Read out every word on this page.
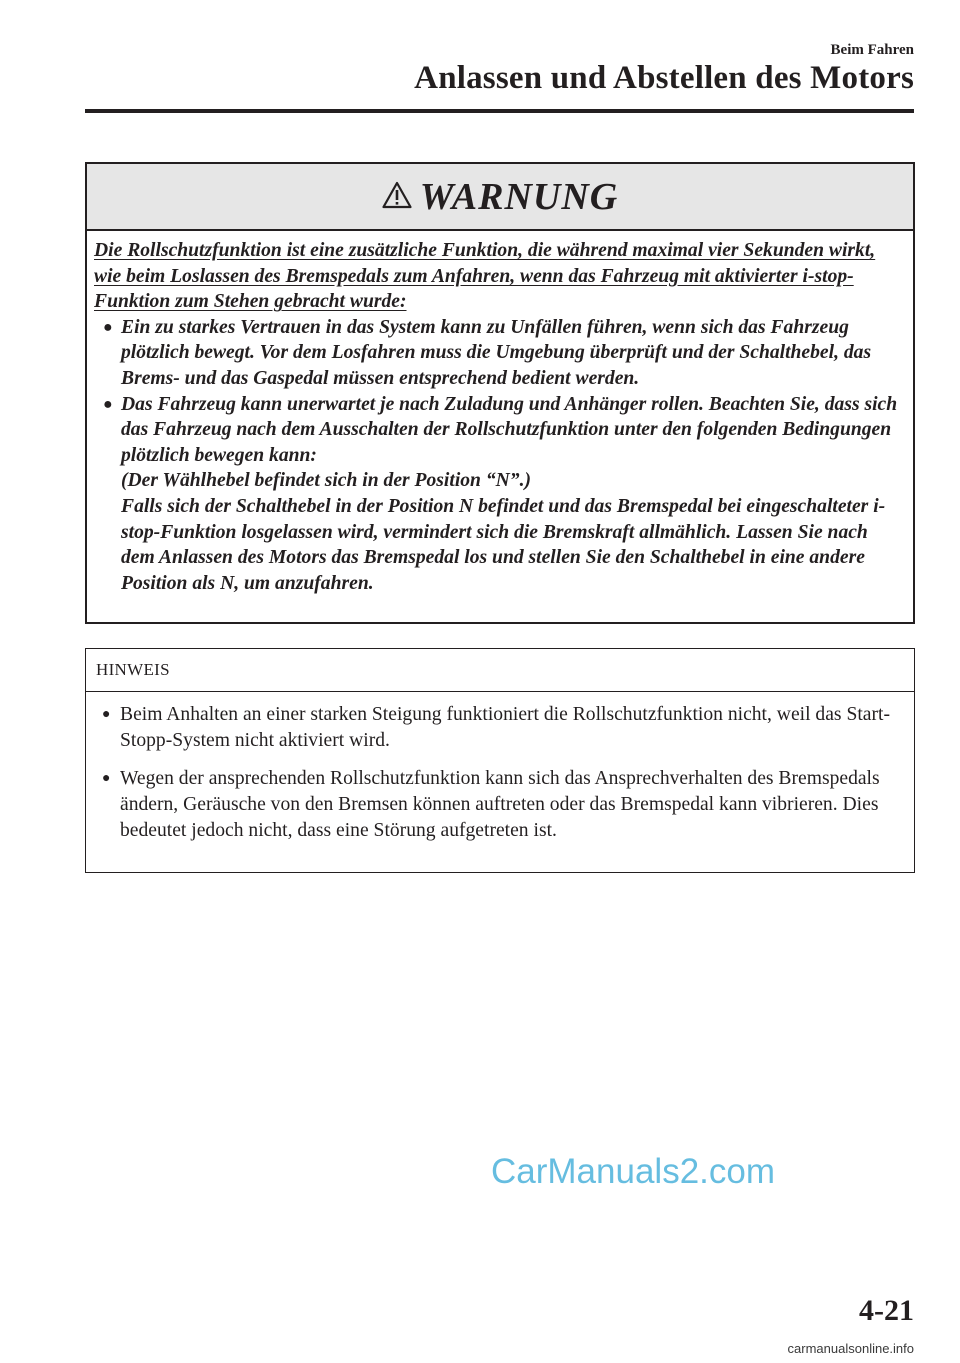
Beim Fahren
Anlassen und Abstellen des Motors
WARNUNG
Die Rollschutzfunktion ist eine zusätzliche Funktion, die während maximal vier Sekunden wirkt, wie beim Loslassen des Bremspedals zum Anfahren, wenn das Fahrzeug mit aktivierter i-stop-Funktion zum Stehen gebracht wurde:
● Ein zu starkes Vertrauen in das System kann zu Unfällen führen, wenn sich das Fahrzeug plötzlich bewegt. Vor dem Losfahren muss die Umgebung überprüft und der Schalthebel, das Brems- und das Gaspedal müssen entsprechend bedient werden.
● Das Fahrzeug kann unerwartet je nach Zuladung und Anhänger rollen. Beachten Sie, dass sich das Fahrzeug nach dem Ausschalten der Rollschutzfunktion unter den folgenden Bedingungen plötzlich bewegen kann:
(Der Wählhebel befindet sich in der Position “N”.)
Falls sich der Schalthebel in der Position N befindet und das Bremspedal bei eingeschalteter i-stop-Funktion losgelassen wird, vermindert sich die Bremskraft allmählich. Lassen Sie nach dem Anlassen des Motors das Bremspedal los und stellen Sie den Schalthebel in eine andere Position als N, um anzufahren.
HINWEIS
● Beim Anhalten an einer starken Steigung funktioniert die Rollschutzfunktion nicht, weil das Start-Stopp-System nicht aktiviert wird.
● Wegen der ansprechenden Rollschutzfunktion kann sich das Ansprechverhalten des Bremspedals ändern, Geräusche von den Bremsen können auftreten oder das Bremspedal kann vibrieren. Dies bedeutet jedoch nicht, dass eine Störung aufgetreten ist.
CarManuals2.com
4-21
carmanualsonline.info
